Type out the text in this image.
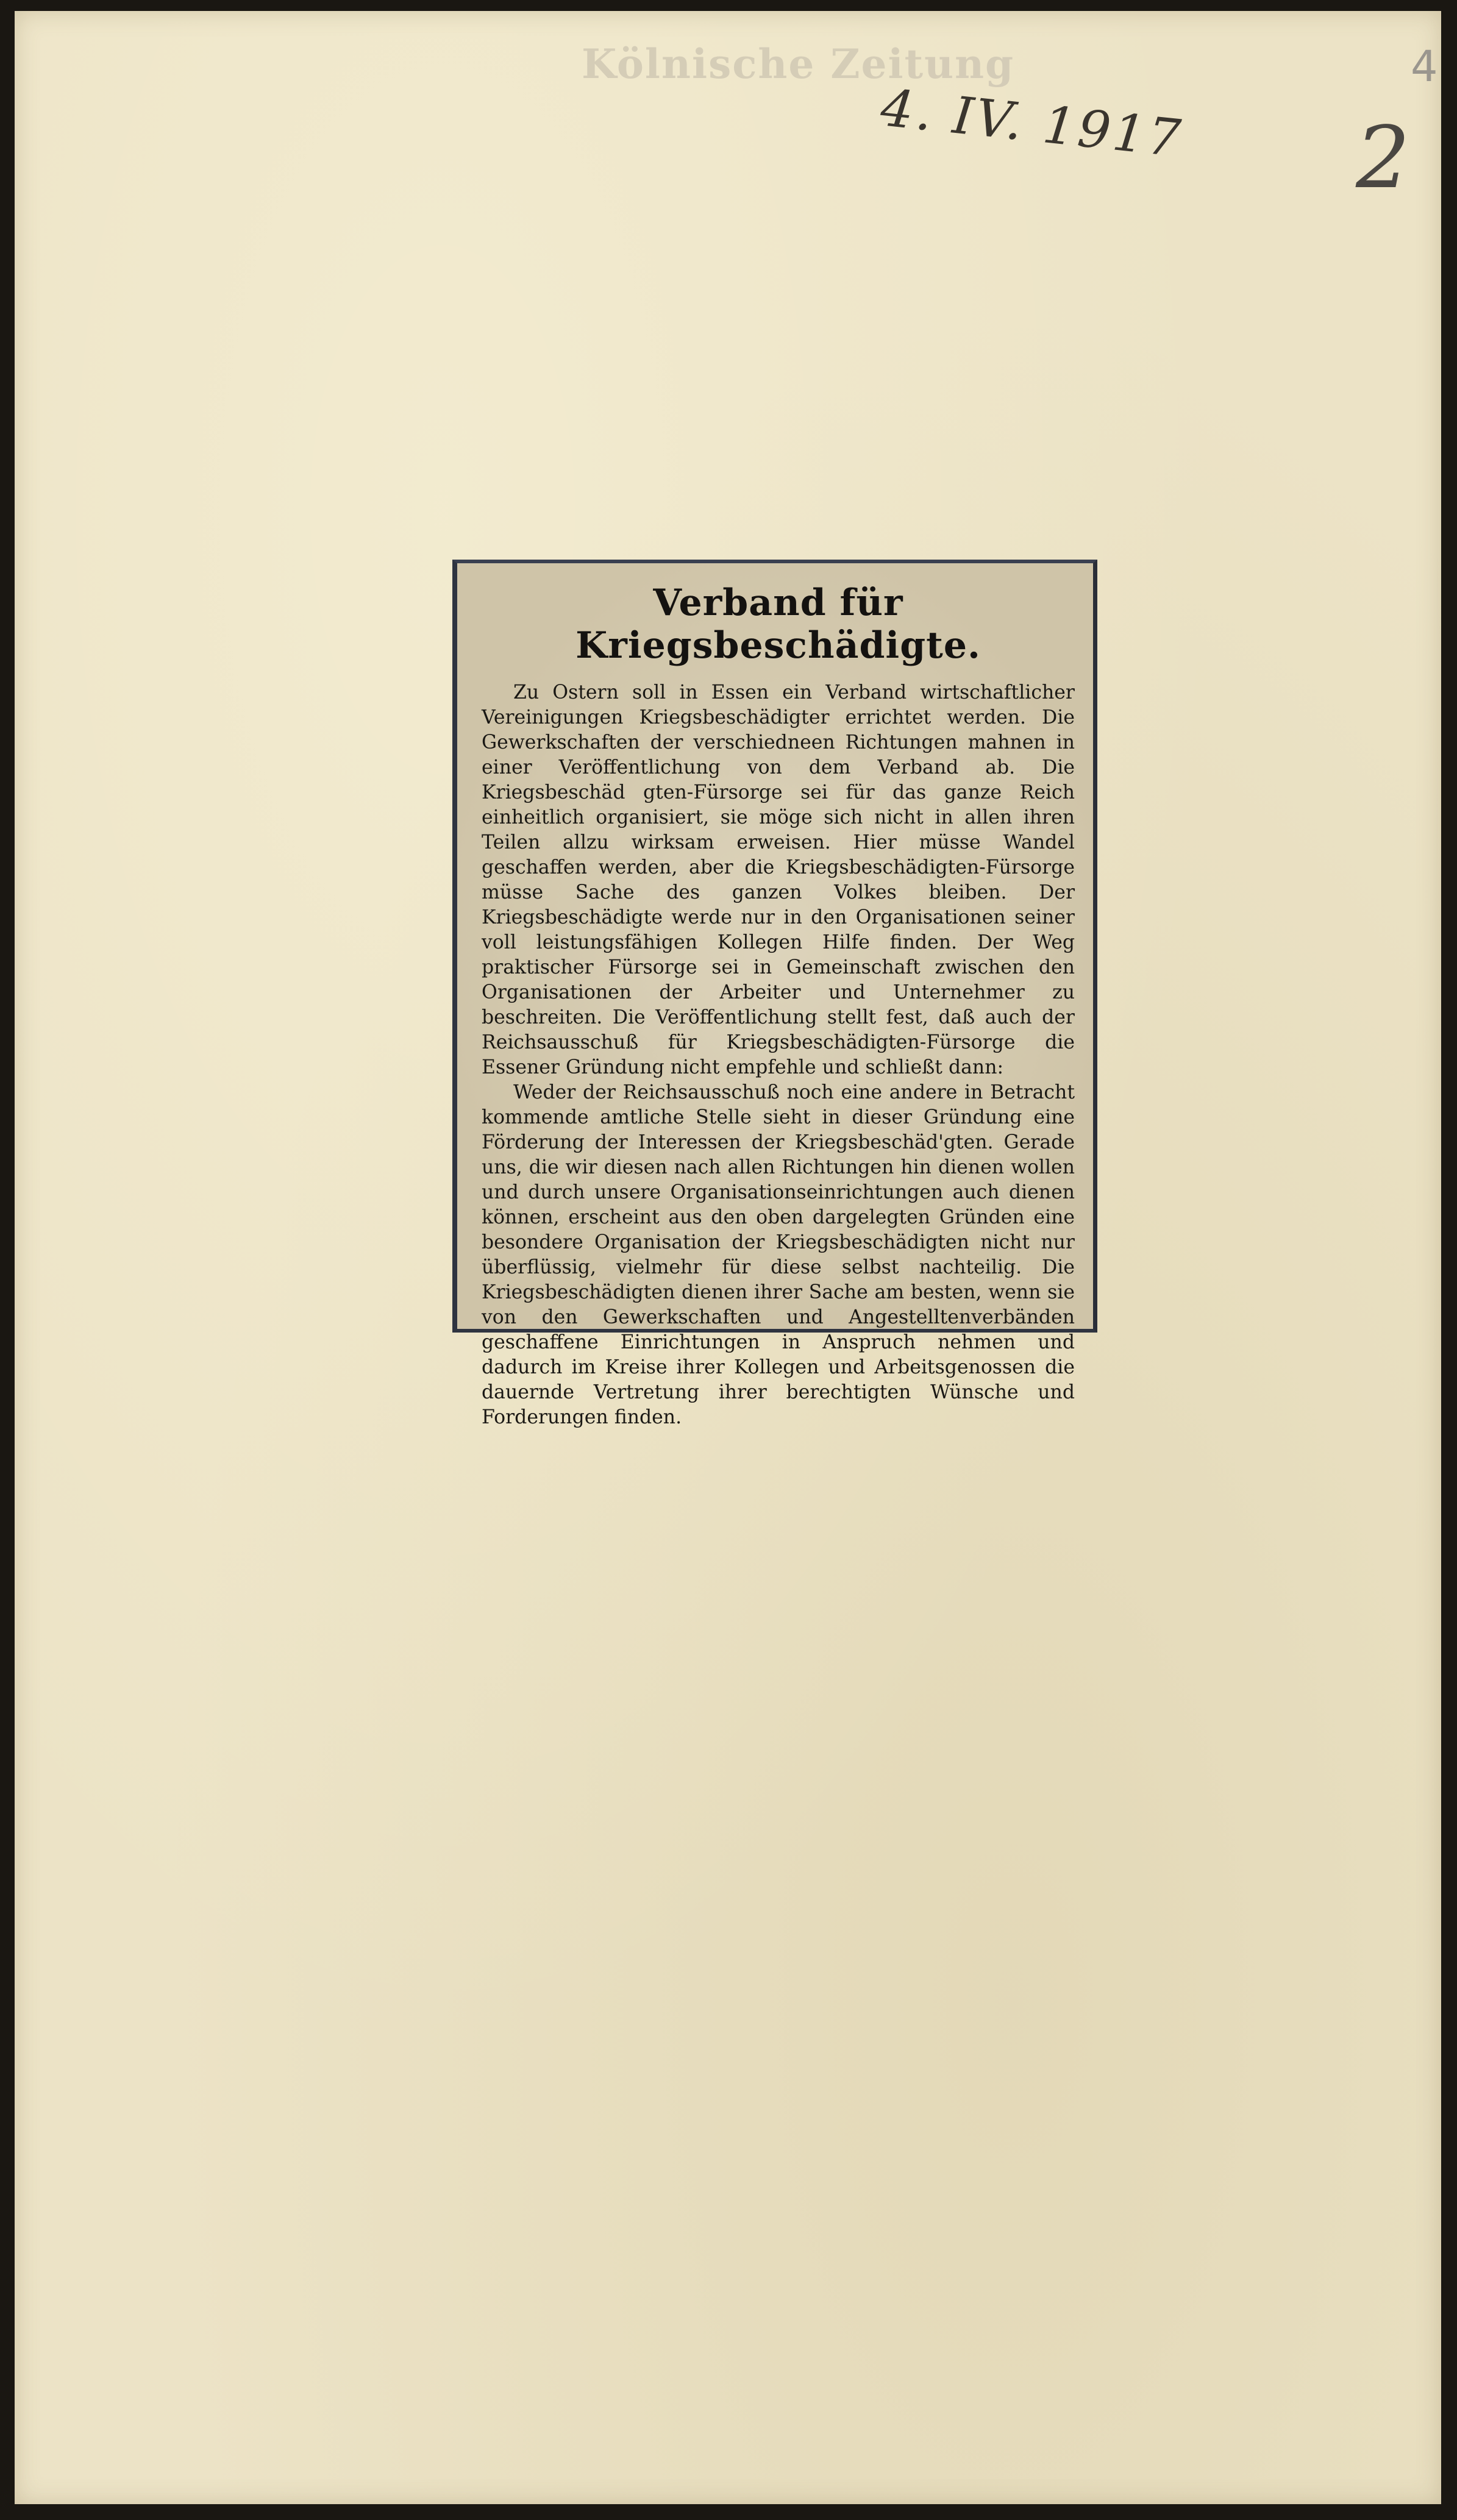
Kölnische Zeitung	4
4. IV. 1917 2
Verband für Kriegsbeschädigte.

Zu Ostern soll in Essen ein Verband wirtschaftlicher Vereinigungen Kriegsbeschädigter errichtet werden. Die Gewerkschaften der verschiedneen Richtungen mahnen in einer Veröffentlichung von dem Verband ab. Die Kriegsbeschäd gten-Fürsorge sei für das ganze Reich einheitlich organisiert, sie möge sich nicht in allen ihren Teilen allzu wirksam erweisen. Hier müsse Wandel geschaffen werden, aber die Kriegsbeschädigten-Fürsorge müsse Sache des ganzen Volkes bleiben. Der Kriegsbeschädigte werde nur in den Organisationen seiner voll leistungsfähigen Kollegen Hilfe finden. Der Weg praktischer Fürsorge sei in Gemeinschaft zwischen den Organisationen der Arbeiter und Unternehmer zu beschreiten. Die Veröffentlichung stellt fest, daß auch der Reichsausschuß für Kriegsbeschädigten-Fürsorge die Essener Gründung nicht empfehle und schließt dann:

Weder der Reichsausschuß noch eine andere in Betracht kommende amtliche Stelle sieht in dieser Gründung eine Förderung der Interessen der Kriegsbeschäd'gten. Gerade uns, die wir diesen nach allen Richtungen hin dienen wollen und durch unsere Organisationseinrichtungen auch dienen können, erscheint aus den oben dargelegten Gründen eine besondere Organisation der Kriegsbeschädigten nicht nur überflüssig, vielmehr für diese selbst nachteilig. Die Kriegsbeschädigten dienen ihrer Sache am besten, wenn sie von den Gewerkschaften und Angestelltenverbänden geschaffene Einrichtungen in Anspruch nehmen und dadurch im Kreise ihrer Kollegen und Arbeitsgenossen die dauernde Vertretung ihrer berechtigten Wünsche und Forderungen finden.
